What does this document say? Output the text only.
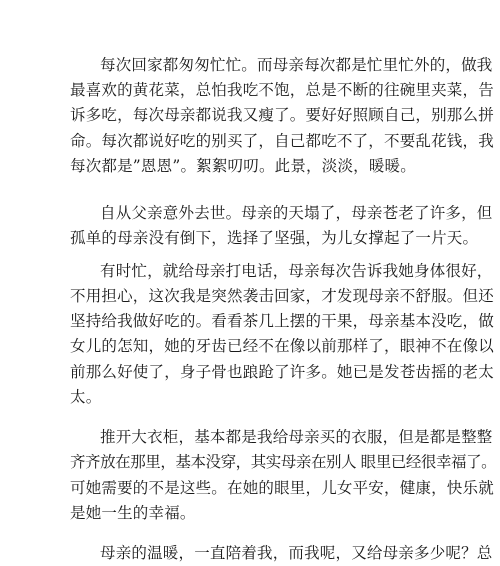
每次回家都匆匆忙忙。而母亲每次都是忙里忙外的，做我
最喜欢的黄花菜，总怕我吃不饱，总是不断的往碗里夹菜，告
诉多吃，每次母亲都说我又瘦了。要好好照顾自己，别那么拼
命。每次都说好吃的别买了，自己都吃不了，不要乱花钱，我
每次都是”恩恩”。絮絮叨叨。此景，淡淡，暖暖。
自从父亲意外去世。母亲的天塌了，母亲苍老了许多，但
孤单的母亲没有倒下，选择了坚强，为儿女撑起了一片天。
有时忙，就给母亲打电话，母亲每次告诉我她身体很好，
不用担心，这次我是突然袭击回家，才发现母亲不舒服。但还
坚持给我做好吃的。看看茶几上摆的干果，母亲基本没吃，做
女儿的怎知，她的牙齿已经不在像以前那样了，眼神不在像以
前那么好使了，身子骨也踉跄了许多。她已是发苍齿摇的老太
太。
推开大衣柜，基本都是我给母亲买的衣服，但是都是整整
齐齐放在那里，基本没穿，其实母亲在别人 眼里已经很幸福了。
可她需要的不是这些。在她的眼里，儿女平安，健康，快乐就
是她一生的幸福。
母亲的温暖，一直陪着我，而我呢，又给母亲多少呢？总
